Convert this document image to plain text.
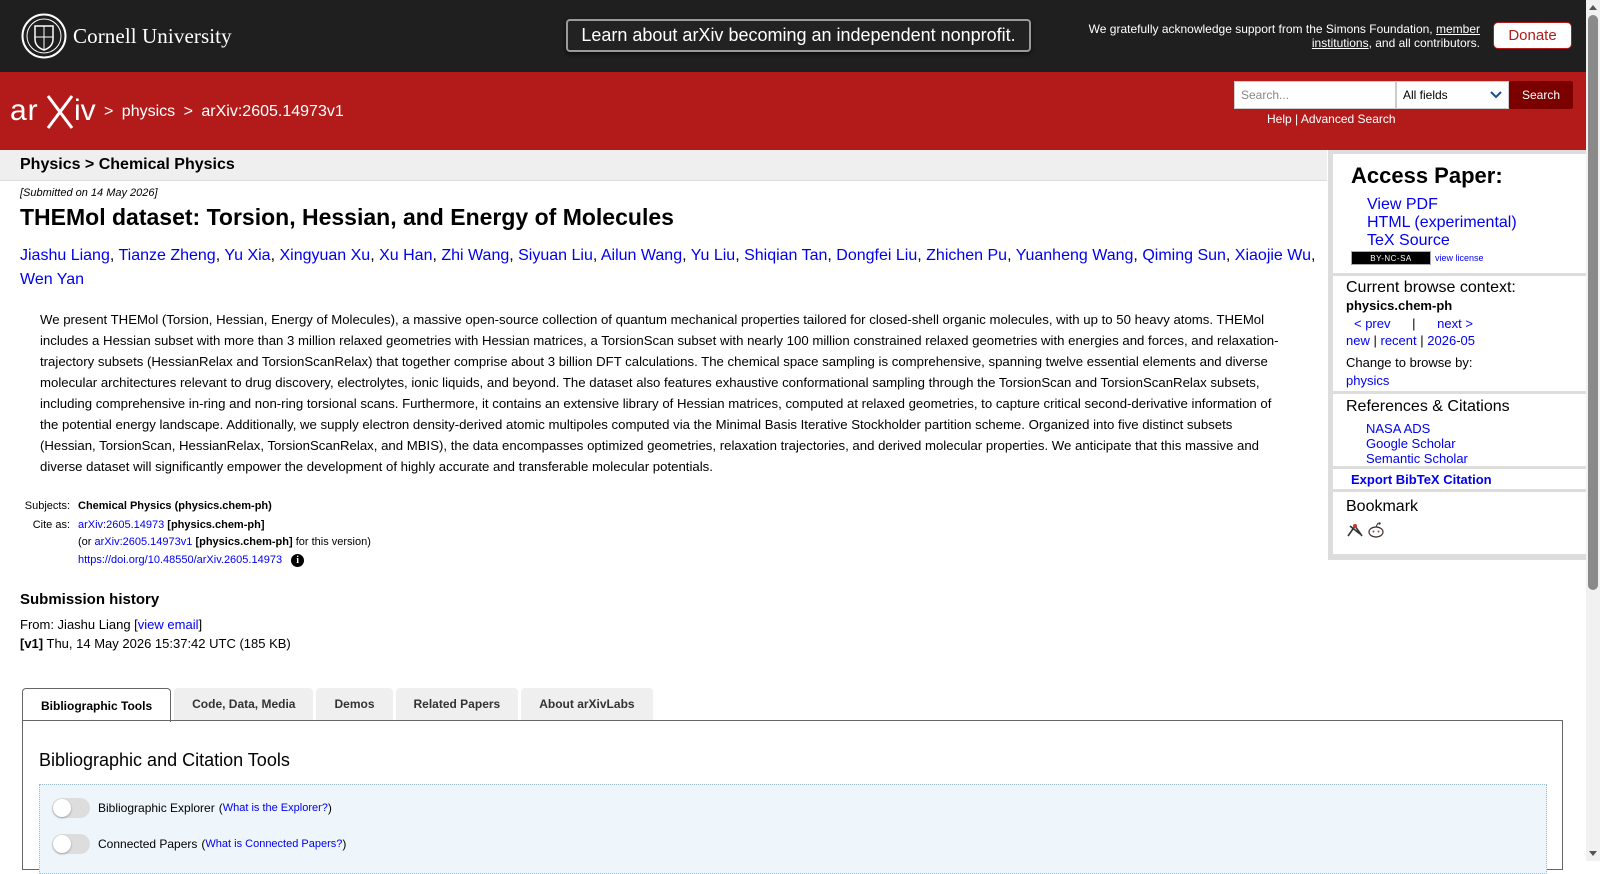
Cornell University	Learn about arXiv becoming an independent nonprofit.	We gratefully acknowledge support from the Simons Foundation, member institutions, and all contributors.	Donate
ar iv > physics > arXiv:2605.14973v1
Search...	All fields	Search
Help | Advanced Search
Physics > Chemical Physics
[Submitted on 14 May 2026]
THEMol dataset: Torsion, Hessian, and Energy of Molecules
Jiashu Liang, Tianze Zheng, Yu Xia, Xingyuan Xu, Xu Han, Zhi Wang, Siyuan Liu, Ailun Wang, Yu Liu, Shiqian Tan, Dongfei Liu, Zhichen Pu, Yuanheng Wang, Qiming Sun, Xiaojie Wu, Wen Yan
We present THEMol (Torsion, Hessian, Energy of Molecules), a massive open-source collection of quantum mechanical properties tailored for closed-shell organic molecules, with up to 50 heavy atoms. THEMol includes a Hessian subset with more than 3 million relaxed geometries with Hessian matrices, a TorsionScan subset with nearly 100 million constrained relaxed geometries with energies and forces, and relaxation-trajectory subsets (HessianRelax and TorsionScanRelax) that together comprise about 3 billion DFT calculations. The chemical space sampling is comprehensive, spanning twelve essential elements and diverse molecular architectures relevant to drug discovery, electrolytes, ionic liquids, and beyond. The dataset also features exhaustive conformational sampling through the TorsionScan and TorsionScanRelax subsets, including comprehensive in-ring and non-ring torsional scans. Furthermore, it contains an extensive library of Hessian matrices, computed at relaxed geometries, to capture critical second-derivative information of the potential energy landscape. Additionally, we supply electron density-derived atomic multipoles computed via the Minimal Basis Iterative Stockholder partition scheme. Organized into five distinct subsets (Hessian, TorsionScan, HessianRelax, TorsionScanRelax, and MBIS), the data encompasses optimized geometries, relaxation trajectories, and derived molecular properties. We anticipate that this massive and diverse dataset will significantly empower the development of highly accurate and transferable molecular potentials.
Subjects: Chemical Physics (physics.chem-ph)
Cite as: arXiv:2605.14973 [physics.chem-ph]
(or arXiv:2605.14973v1 [physics.chem-ph] for this version)
https://doi.org/10.48550/arXiv.2605.14973 i
Submission history
From: Jiashu Liang [view email]
[v1] Thu, 14 May 2026 15:37:42 UTC (185 KB)
Bibliographic Tools	Code, Data, Media	Demos	Related Papers	About arXivLabs
Bibliographic and Citation Tools
Bibliographic Explorer ( What is the Explorer? )
Connected Papers ( What is Connected Papers? )
Access Paper:
View PDF
HTML (experimental)
TeX Source
BY-NC-SA	view license
Current browse context:
physics.chem-ph
< prev | next >
new | recent | 2026-05
Change to browse by:
physics
References & Citations
NASA ADS
Google Scholar
Semantic Scholar
Export BibTeX Citation
Bookmark
